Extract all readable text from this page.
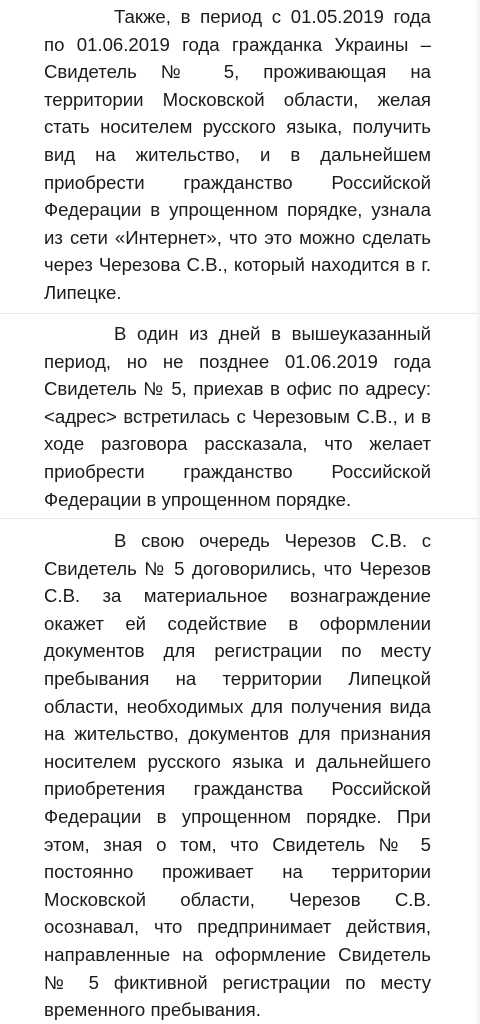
Также, в период с 01.05.2019 года по 01.06.2019 года гражданка Украины – Свидетель № 5, проживающая на территории Московской области, желая стать носителем русского языка, получить вид на жительство, и в дальнейшем приобрести гражданство Российской Федерации в упрощенном порядке, узнала из сети «Интернет», что это можно сделать через Черезова С.В., который находится в г. Липецке.

В один из дней в вышеуказанный период, но не позднее 01.06.2019 года Свидетель № 5, приехав в офис по адресу: <адрес> встретилась с Черезовым С.В., и в ходе разговора рассказала, что желает приобрести гражданство Российской Федерации в упрощенном порядке.

В свою очередь Черезов С.В. с Свидетель № 5 договорились, что Черезов С.В. за материальное вознаграждение окажет ей содействие в оформлении документов для регистрации по месту пребывания на территории Липецкой области, необходимых для получения вида на жительство, документов для признания носителем русского языка и дальнейшего приобретения гражданства Российской Федерации в упрощенном порядке. При этом, зная о том, что Свидетель № 5 постоянно проживает на территории Московской области, Черезов С.В. осознавал, что предпринимает действия, направленные на оформление Свидетель № 5 фиктивной регистрации по месту временного пребывания.
